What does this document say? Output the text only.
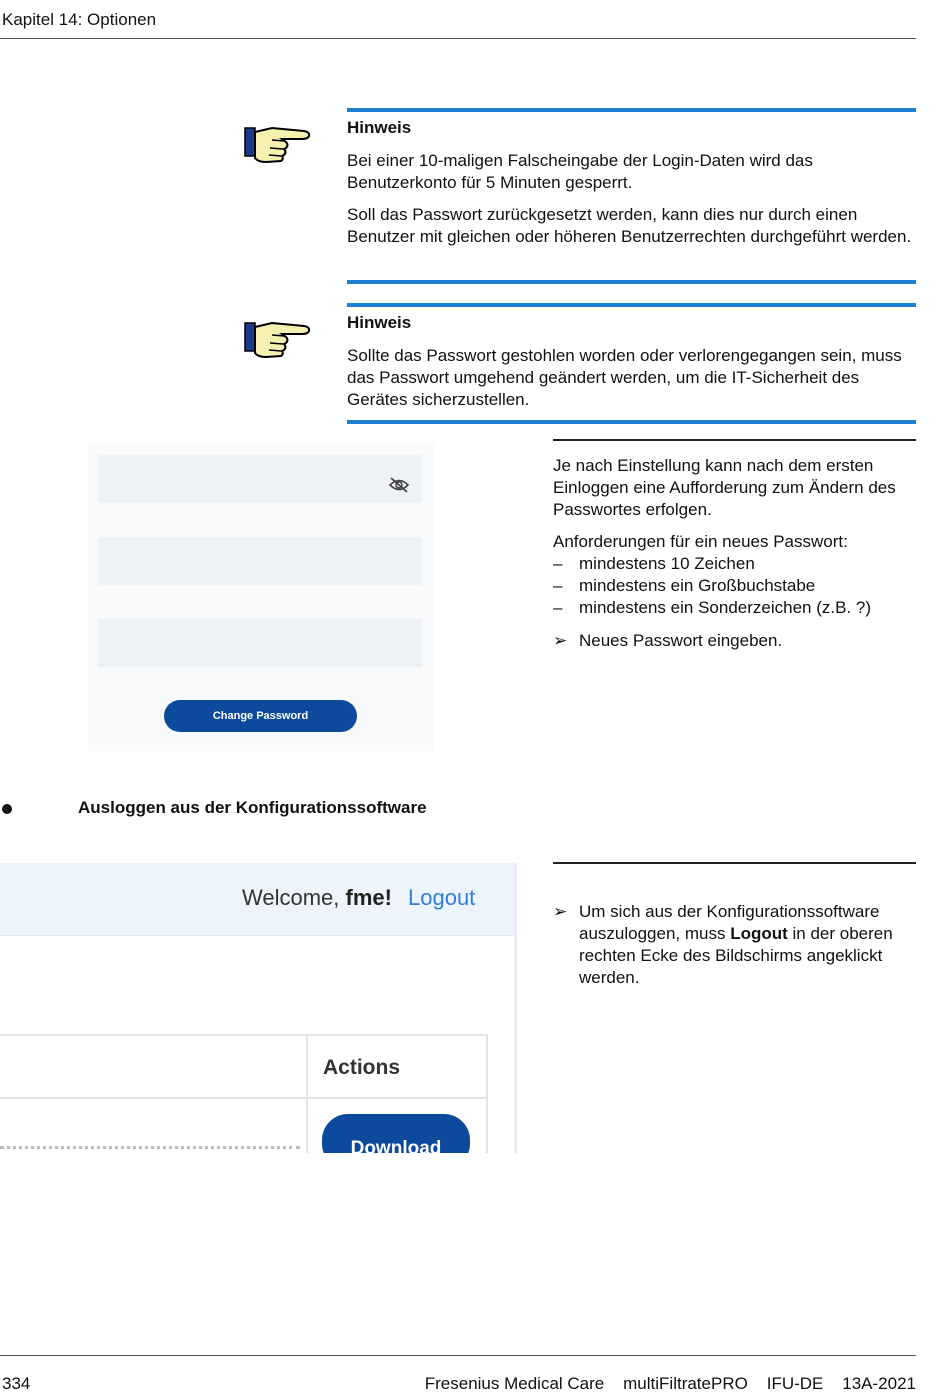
Kapitel 14: Optionen
Hinweis
Bei einer 10-maligen Falscheingabe der Login-Daten wird das Benutzerkonto für 5 Minuten gesperrt.
Soll das Passwort zurückgesetzt werden, kann dies nur durch einen Benutzer mit gleichen oder höheren Benutzerrechten durchgeführt werden.
Hinweis
Sollte das Passwort gestohlen worden oder verlorengegangen sein, muss das Passwort umgehend geändert werden, um die IT-Sicherheit des Gerätes sicherzustellen.
Change Password
Je nach Einstellung kann nach dem ersten Einloggen eine Aufforderung zum Ändern des Passwortes erfolgen.
Anforderungen für ein neues Passwort:
– mindestens 10 Zeichen
– mindestens ein Großbuchstabe
– mindestens ein Sonderzeichen (z.B. ?)
➢ Neues Passwort eingeben.
Ausloggen aus der Konfigurationssoftware
Welcome, fme! Logout
Actions
Download
➢ Um sich aus der Konfigurationssoftware auszuloggen, muss Logout in der oberen rechten Ecke des Bildschirms angeklickt werden.
334	Fresenius Medical Care    multiFiltratePRO    IFU-DE    13A-2021
